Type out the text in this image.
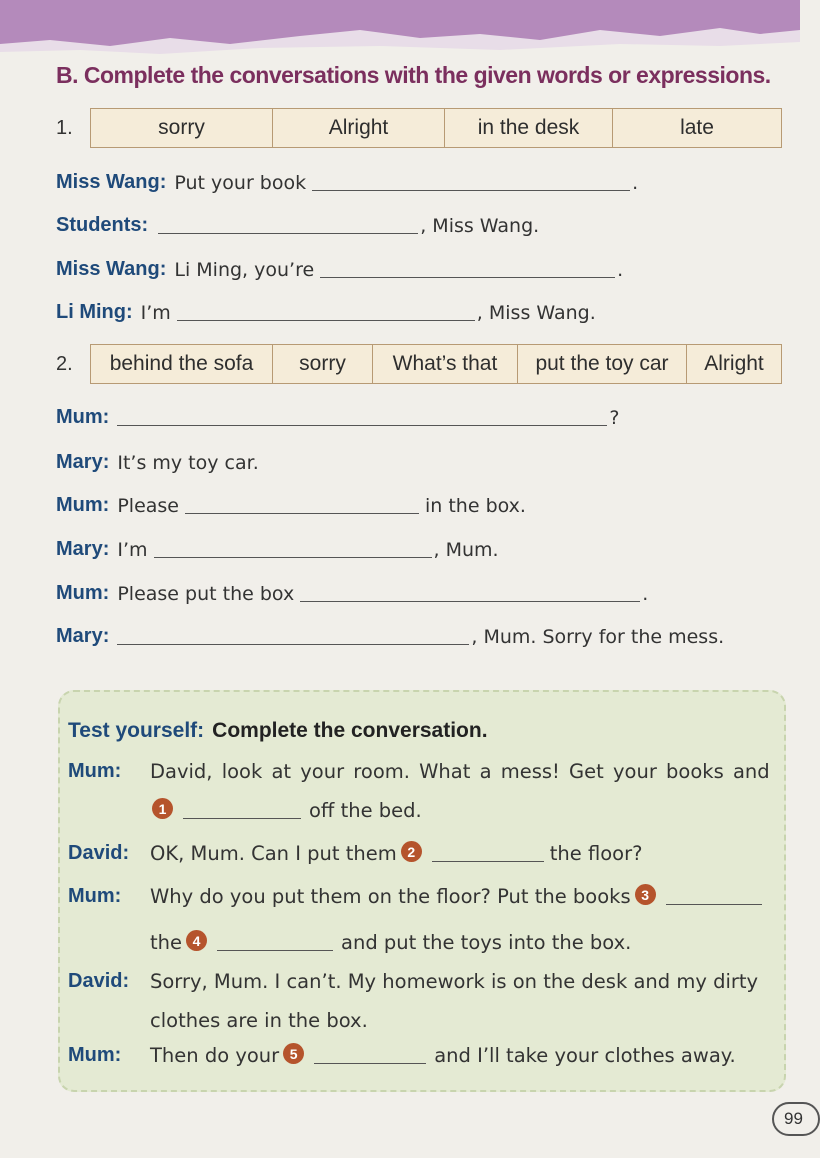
B. Complete the conversations with the given words or expressions.
1.	sorry	Alright	in the desk	late
Miss Wang: Put your book	.
Students:	, Miss Wang.
Miss Wang: Li Ming, you’re	.
Li Ming: I’m	, Miss Wang.
2.	behind the sofa	sorry	What’s that	put the toy car	Alright
Mum:	?
Mary: It’s my toy car.
Mum: Please	in the box.
Mary: I’m	, Mum.
Mum: Please put the box	.
Mary:	, Mum. Sorry for the mess.
Test yourself: Complete the conversation.
Mum:	David, look at your room. What a mess! Get your books and
1	off the bed.
David:	OK, Mum. Can I put them 2	the floor?
Mum:	Why do you put them on the floor? Put the books 3
the 4	and put the toys into the box.
David:	Sorry, Mum. I can’t. My homework is on the desk and my dirty
clothes are in the box.
Mum:	Then do your 5	and I’ll take your clothes away.
99
